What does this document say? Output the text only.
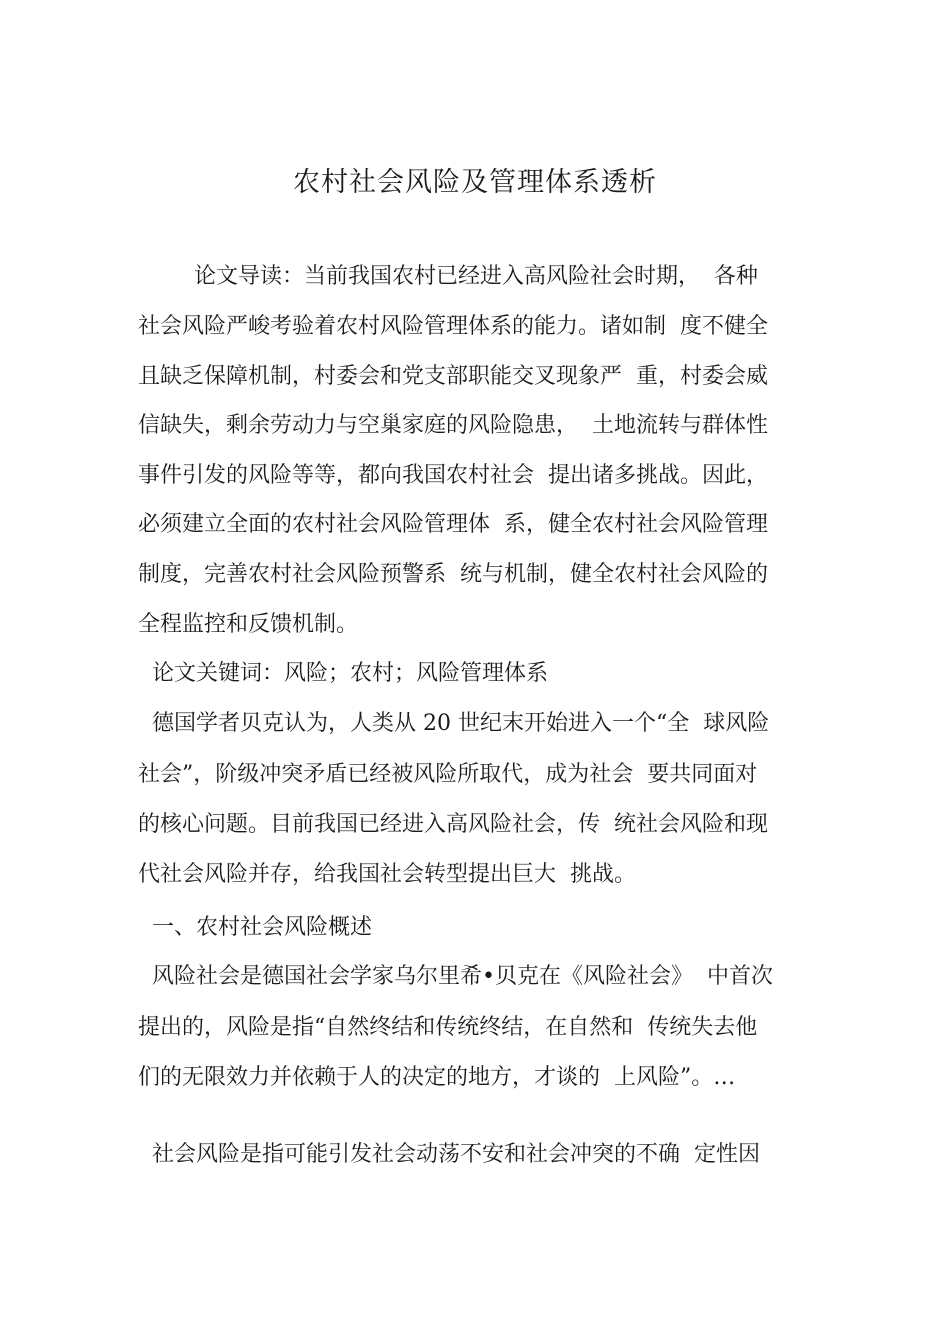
农村社会风险及管理体系透析
论文导读：当前我国农村已经进入高风险社会时期，  各种
社会风险严峻考验着农村风险管理体系的能力。诸如制  度不健全
且缺乏保障机制，村委会和党支部职能交叉现象严  重，村委会威
信缺失，剩余劳动力与空巢家庭的风险隐患，  土地流转与群体性
事件引发的风险等等，都向我国农村社会  提出诸多挑战。因此，
必须建立全面的农村社会风险管理体  系，健全农村社会风险管理
制度，完善农村社会风险预警系  统与机制，健全农村社会风险的
全程监控和反馈机制。
论文关键词：风险；农村；风险管理体系
德国学者贝克认为，人类从 20 世纪末开始进入一个“全  球风险
社会”，阶级冲突矛盾已经被风险所取代，成为社会  要共同面对
的核心问题。目前我国已经进入高风险社会，传  统社会风险和现
代社会风险并存，给我国社会转型提出巨大  挑战。
一、农村社会风险概述
风险社会是德国社会学家乌尔里希•贝克在《风险社会》  中首次
提出的，风险是指“自然终结和传统终结，在自然和  传统失去他
们的无限效力并依赖于人的决定的地方，才谈的  上风险”。…
社会风险是指可能引发社会动荡不安和社会冲突的不确  定性因
